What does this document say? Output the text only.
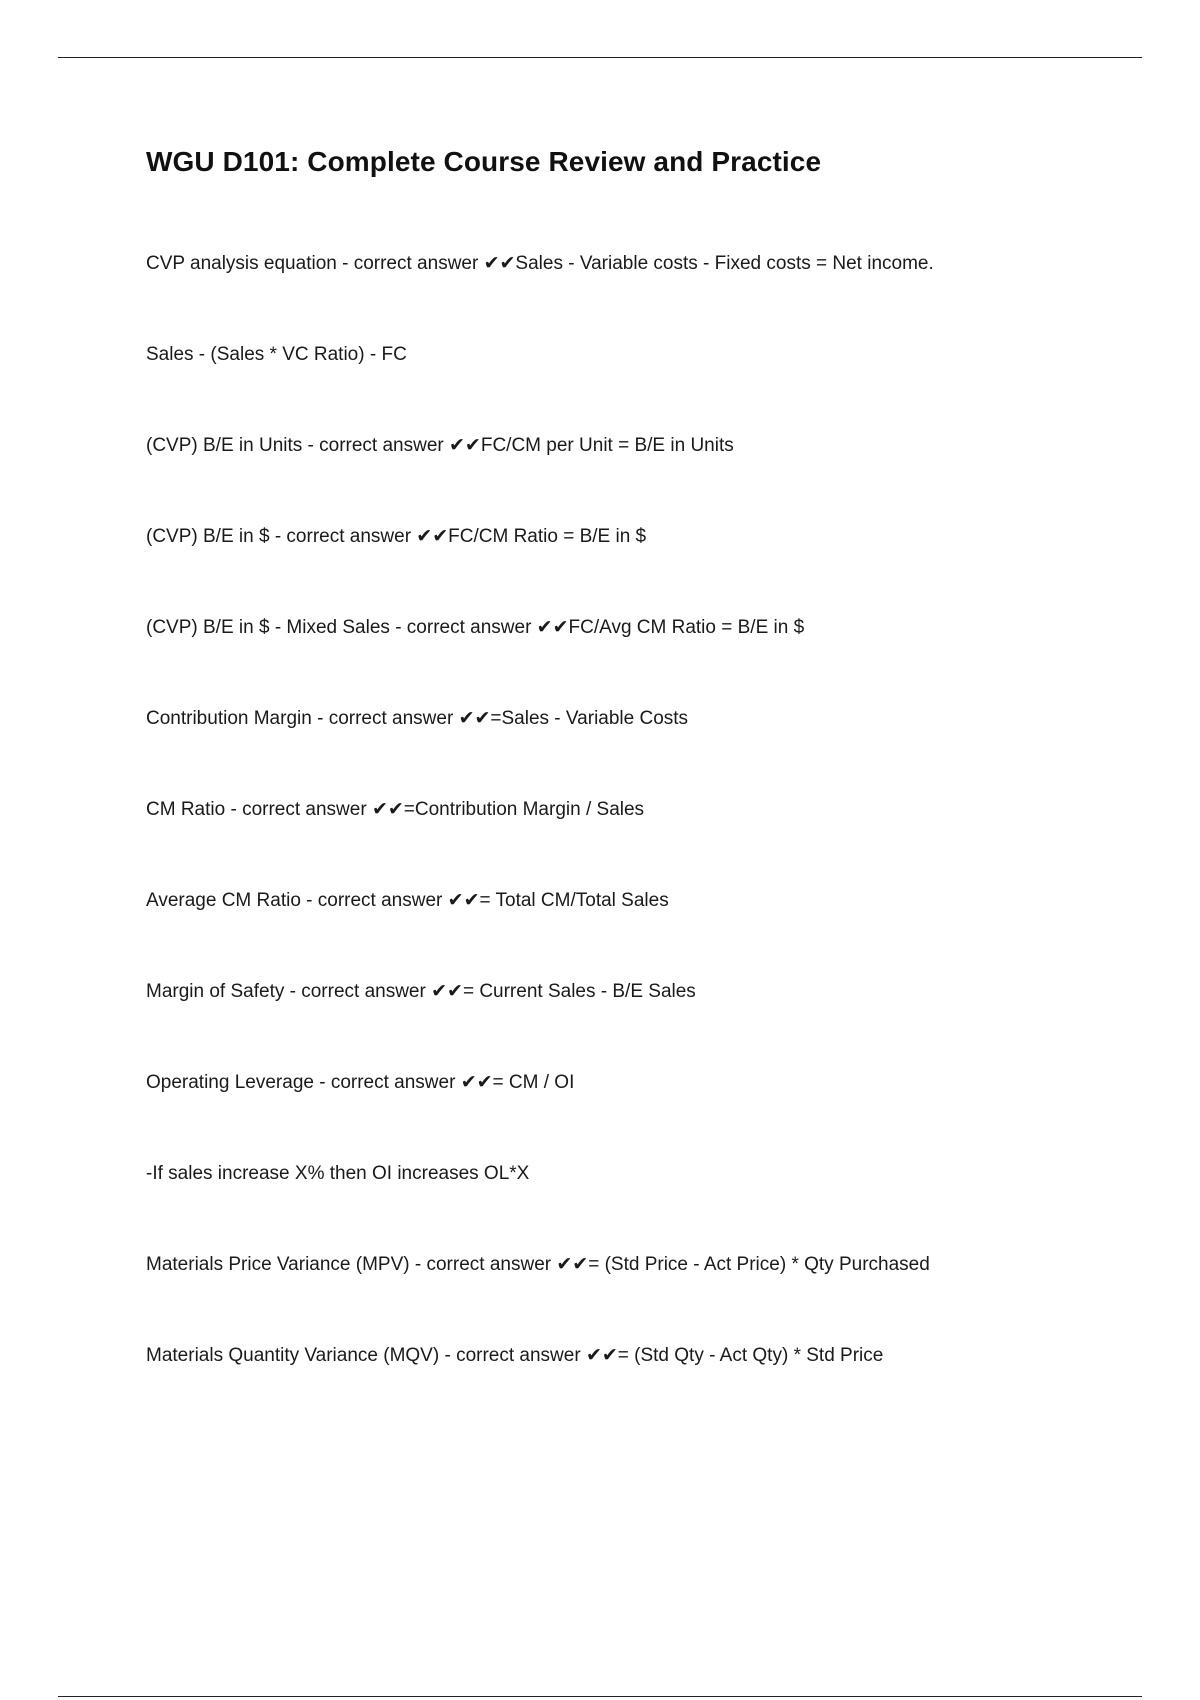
WGU D101: Complete Course Review and Practice

CVP analysis equation - correct answer ✔✔Sales - Variable costs - Fixed costs = Net income.

Sales - (Sales * VC Ratio) - FC

(CVP) B/E in Units - correct answer ✔✔FC/CM per Unit = B/E in Units

(CVP) B/E in $ - correct answer ✔✔FC/CM Ratio = B/E in $

(CVP) B/E in $ - Mixed Sales - correct answer ✔✔FC/Avg CM Ratio = B/E in $

Contribution Margin - correct answer ✔✔=Sales - Variable Costs

CM Ratio - correct answer ✔✔=Contribution Margin / Sales

Average CM Ratio - correct answer ✔✔= Total CM/Total Sales

Margin of Safety - correct answer ✔✔= Current Sales - B/E Sales

Operating Leverage - correct answer ✔✔= CM / OI

-If sales increase X% then OI increases OL*X

Materials Price Variance (MPV) - correct answer ✔✔= (Std Price - Act Price) * Qty Purchased

Materials Quantity Variance (MQV) - correct answer ✔✔= (Std Qty - Act Qty) * Std Price
